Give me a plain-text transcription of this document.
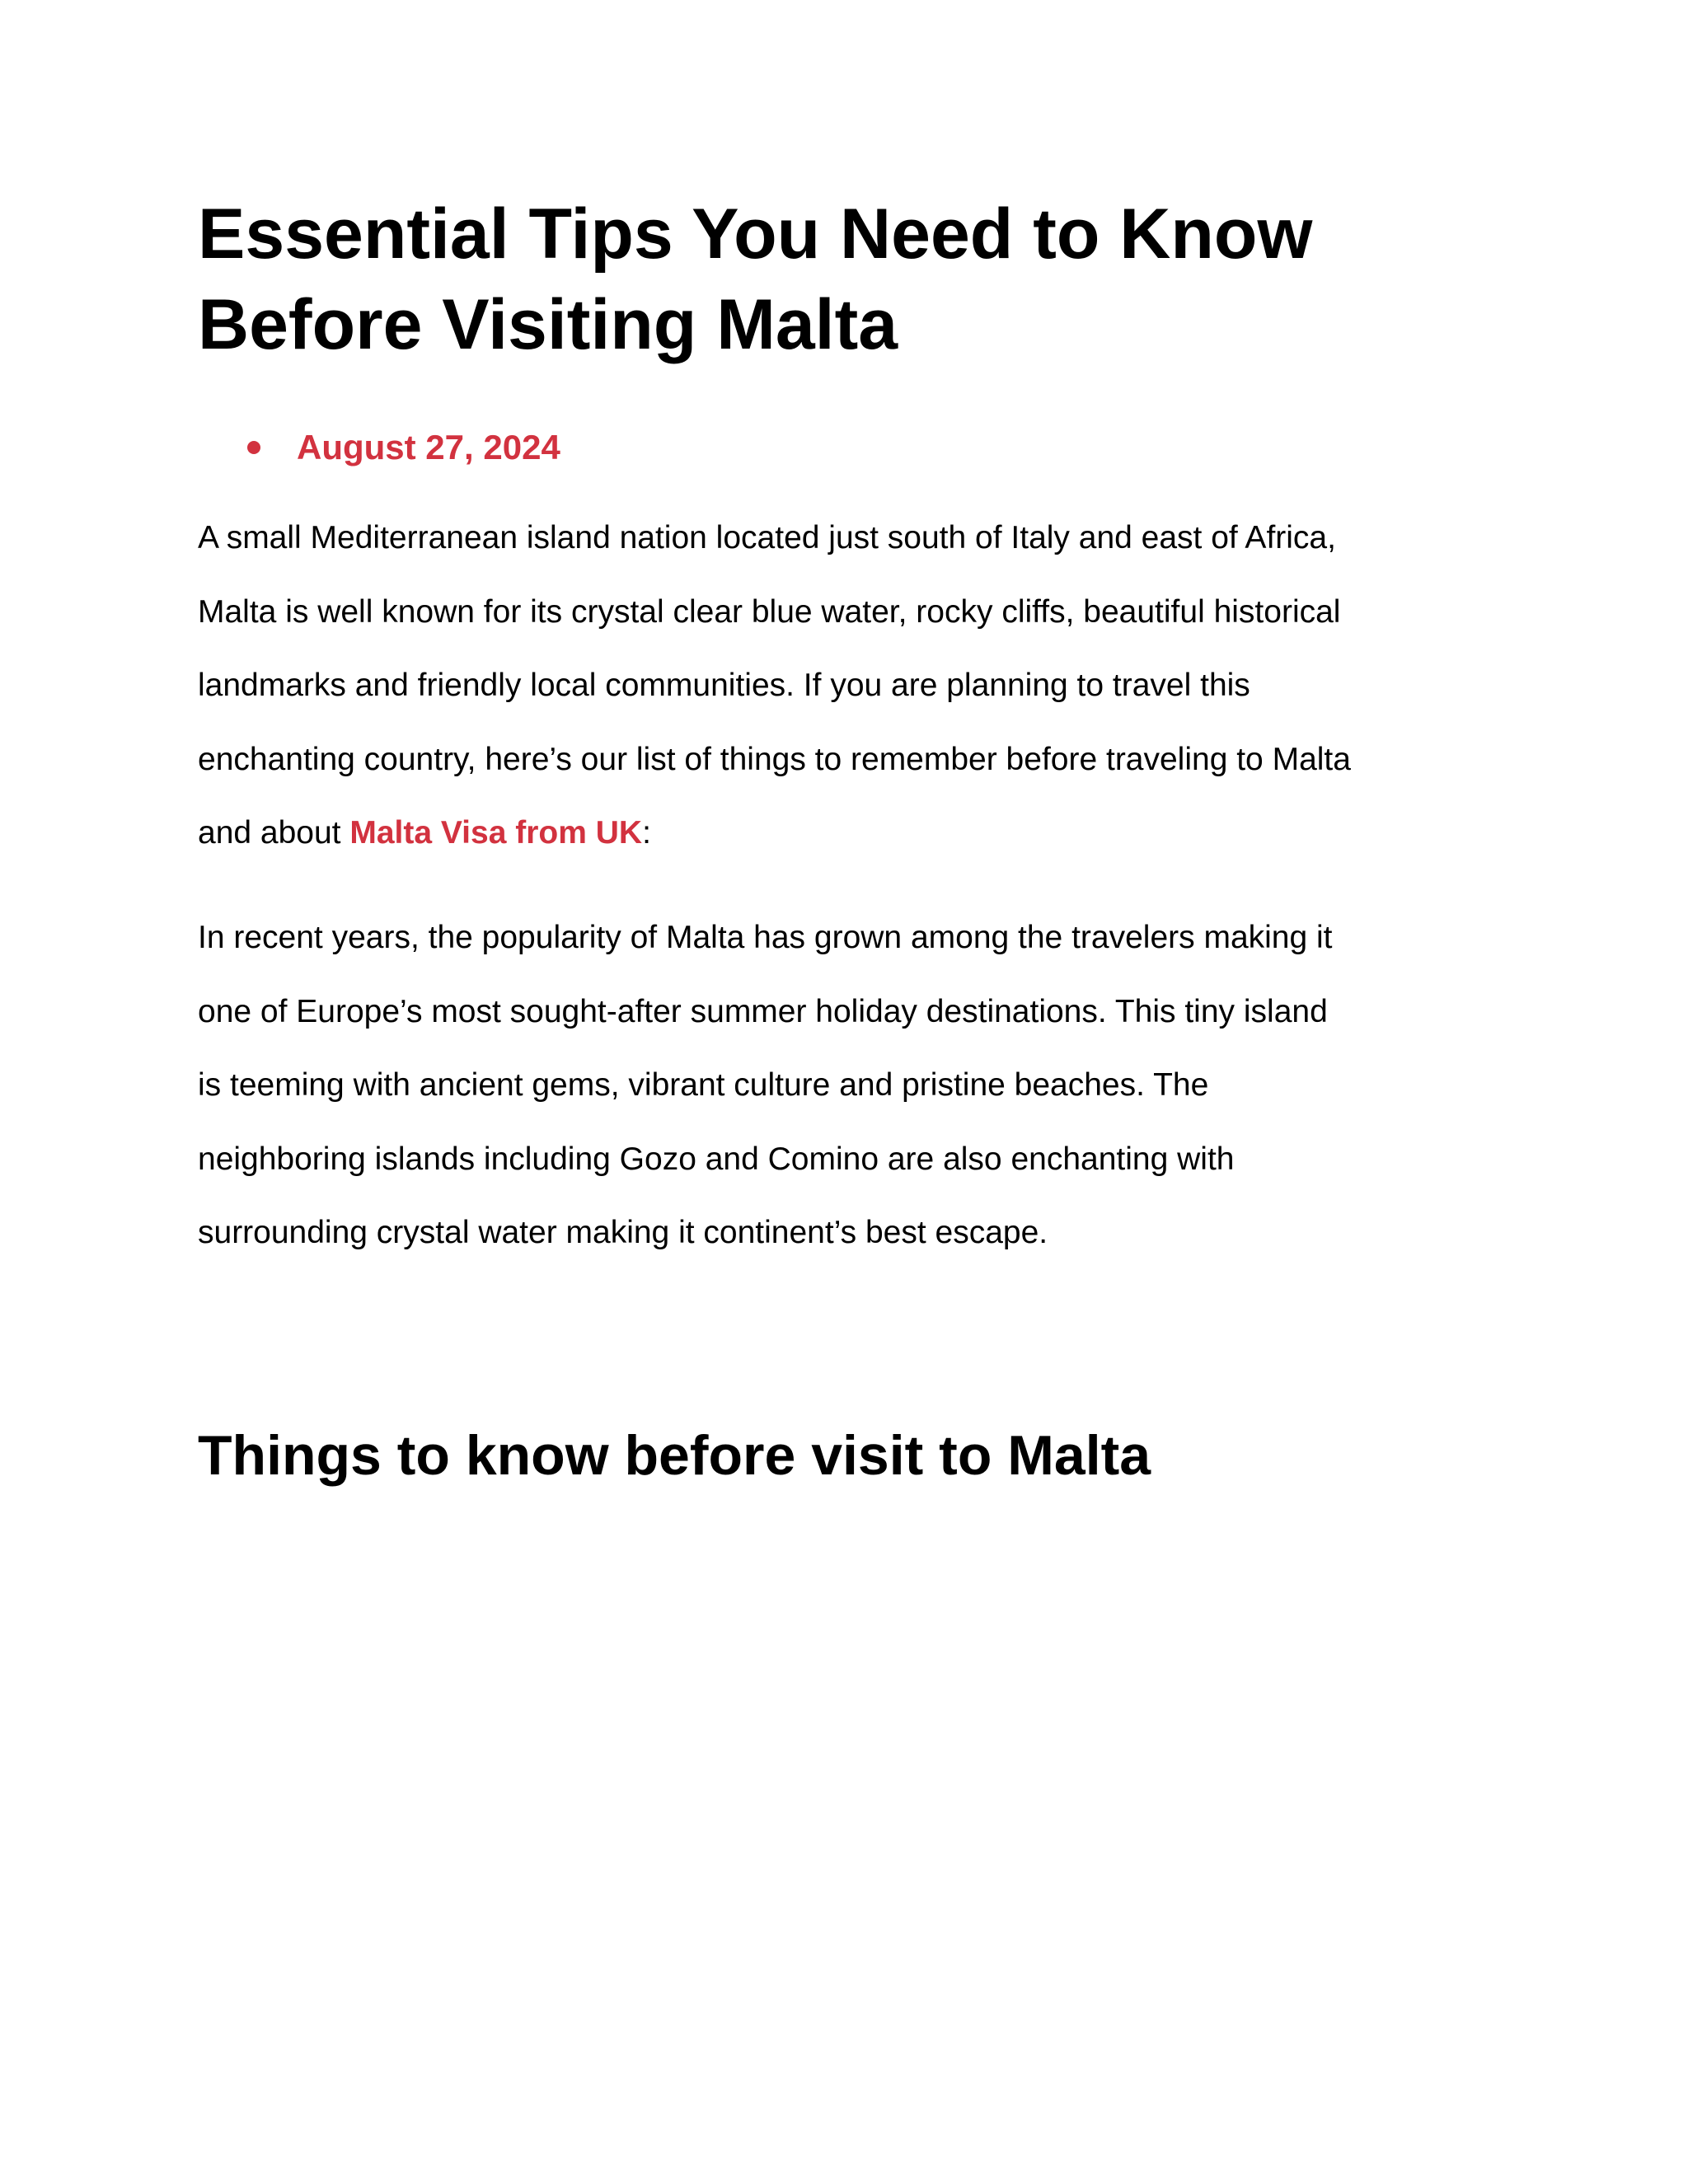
Essential Tips You Need to Know
Before Visiting Malta
August 27, 2024

A small Mediterranean island nation located just south of Italy and east of Africa,
Malta is well known for its crystal clear blue water, rocky cliffs, beautiful historical
landmarks and friendly local communities. If you are planning to travel this
enchanting country, here’s our list of things to remember before traveling to Malta
and about Malta Visa from UK:

In recent years, the popularity of Malta has grown among the travelers making it
one of Europe’s most sought-after summer holiday destinations. This tiny island
is teeming with ancient gems, vibrant culture and pristine beaches. The
neighboring islands including Gozo and Comino are also enchanting with
surrounding crystal water making it continent’s best escape.

Things to know before visit to Malta
